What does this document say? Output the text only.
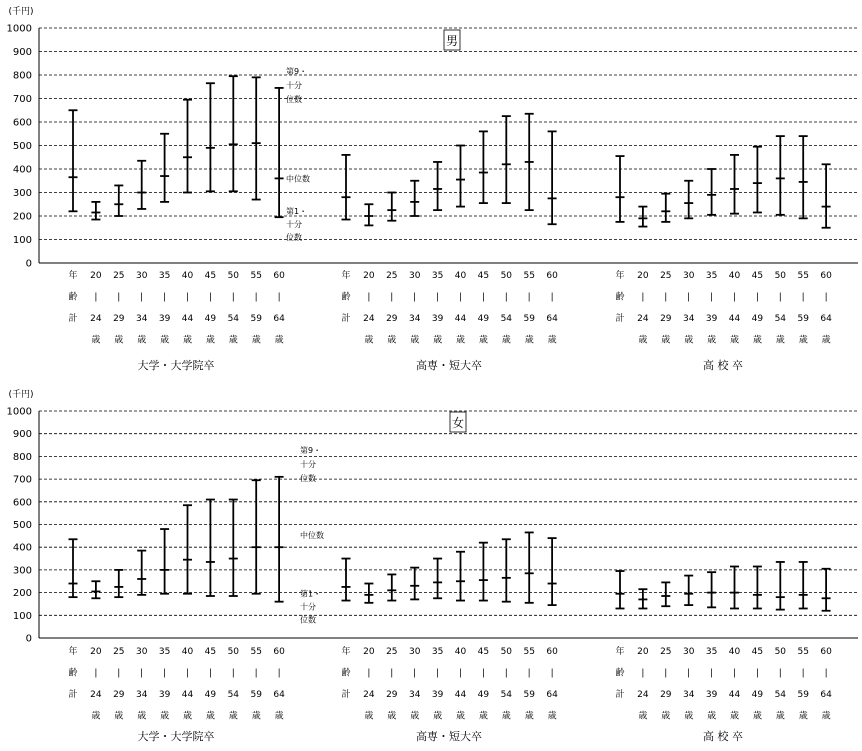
(千円)
0
100
200
300
400
500
600
700
800
900
1000
男
年
齢
計
20
|
24
歳
25
|
29
歳
30
|
34
歳
35
|
39
歳
40
|
44
歳
45
|
49
歳
50
|
54
歳
55
|
59
歳
60
|
64
歳
大学・大学院卒
年
齢
計
20
|
24
歳
25
|
29
歳
30
|
34
歳
35
|
39
歳
40
|
44
歳
45
|
49
歳
50
|
54
歳
55
|
59
歳
60
|
64
歳
高専・短大卒
年
齢
計
20
|
24
歳
25
|
29
歳
30
|
34
歳
35
|
39
歳
40
|
44
歳
45
|
49
歳
50
|
54
歳
55
|
59
歳
60
|
64
歳
高 校 卒
第9・
十分
位数
中位数
第1・
十分
位数
(千円)
0
100
200
300
400
500
600
700
800
900
1000
女
年
齢
計
20
|
24
歳
25
|
29
歳
30
|
34
歳
35
|
39
歳
40
|
44
歳
45
|
49
歳
50
|
54
歳
55
|
59
歳
60
|
64
歳
大学・大学院卒
年
齢
計
20
|
24
歳
25
|
29
歳
30
|
34
歳
35
|
39
歳
40
|
44
歳
45
|
49
歳
50
|
54
歳
55
|
59
歳
60
|
64
歳
高専・短大卒
年
齢
計
20
|
24
歳
25
|
29
歳
30
|
34
歳
35
|
39
歳
40
|
44
歳
45
|
49
歳
50
|
54
歳
55
|
59
歳
60
|
64
歳
高 校 卒
第9・
十分
位数
中位数
第1・
十分
位数
